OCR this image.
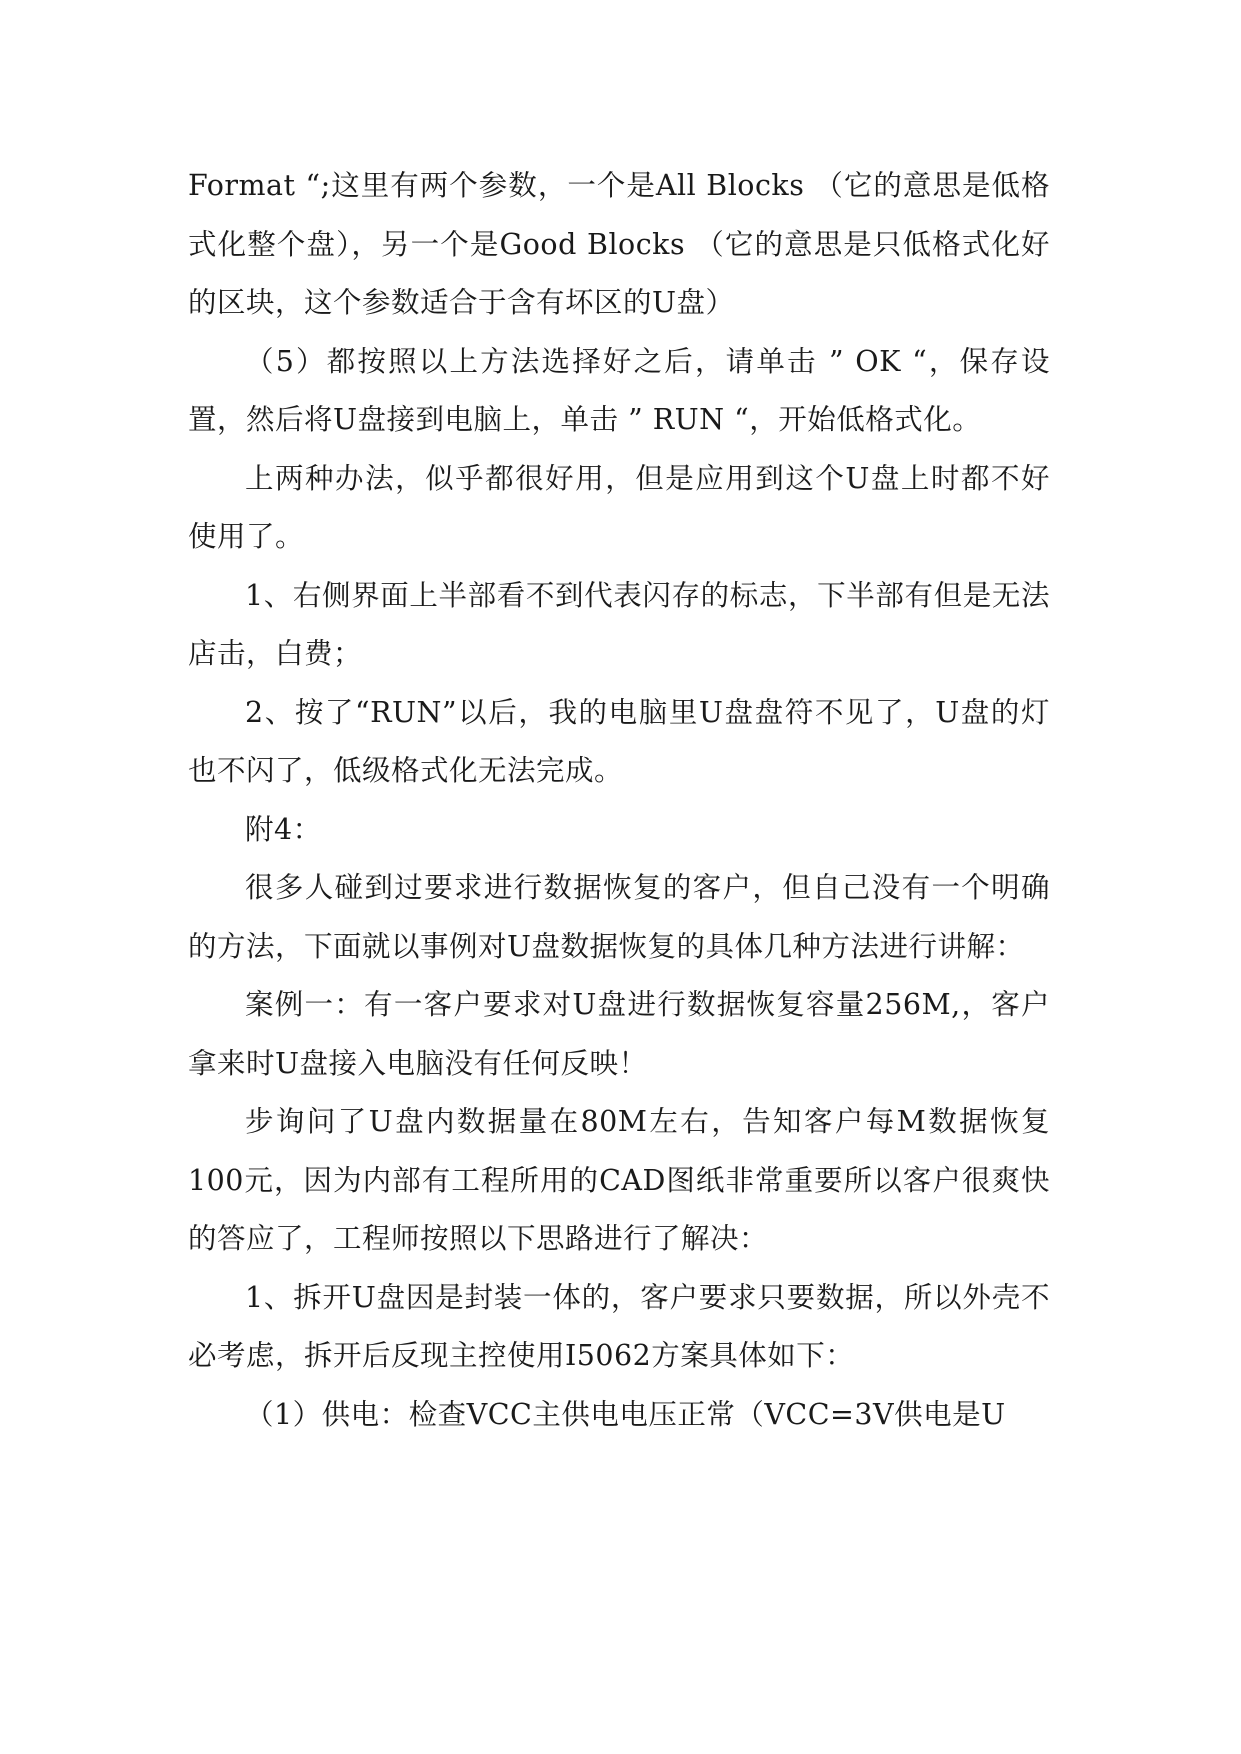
Format “;这里有两个参数，一个是All Blocks （它的意思是低格式化整个盘），另一个是Good Blocks （它的意思是只低格式化好的区块，这个参数适合于含有坏区的U盘）

（5）都按照以上方法选择好之后，请单击 ” OK “，保存设置，然后将U盘接到电脑上，单击 ” RUN “，开始低格式化。

上两种办法，似乎都很好用，但是应用到这个U盘上时都不好使用了。

1、右侧界面上半部看不到代表闪存的标志，下半部有但是无法店击，白费；

2、按了“RUN”以后，我的电脑里U盘盘符不见了，U盘的灯也不闪了，低级格式化无法完成。

附4：

很多人碰到过要求进行数据恢复的客户，但自己没有一个明确的方法，下面就以事例对U盘数据恢复的具体几种方法进行讲解：

案例一：有一客户要求对U盘进行数据恢复容量256M,，客户拿来时U盘接入电脑没有任何反映！

步询问了U盘内数据量在80M左右，告知客户每M数据恢复100元，因为内部有工程所用的CAD图纸非常重要所以客户很爽快的答应了，工程师按照以下思路进行了解决：

1、拆开U盘因是封装一体的，客户要求只要数据，所以外壳不必考虑，拆开后反现主控使用I5062方案具体如下：

（1）供电：检查VCC主供电电压正常（VCC=3V供电是U
